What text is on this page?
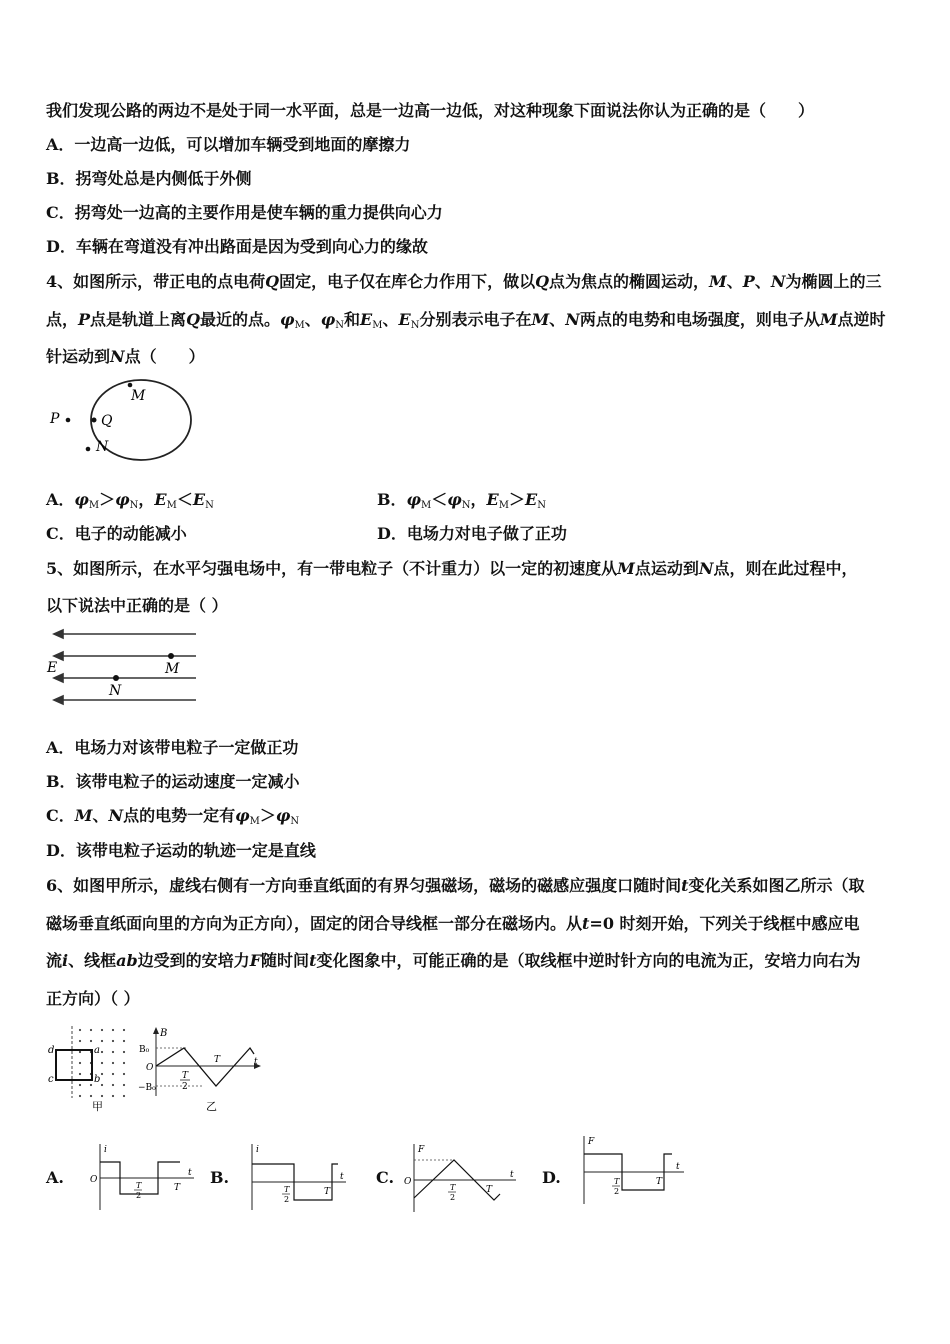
我们发现公路的两边不是处于同一水平面，总是一边高一边低，对这种现象下面说法你认为正确的是（　　）
A．一边高一边低，可以增加车辆受到地面的摩擦力
B．拐弯处总是内侧低于外侧
C．拐弯处一边高的主要作用是使车辆的重力提供向心力
D．车辆在弯道没有冲出路面是因为受到向心力的缘故
4、如图所示，带正电的点电荷Q固定，电子仅在库仑力作用下，做以Q点为焦点的椭圆运动，M、P、N为椭圆上的三
点，P点是轨道上离Q最近的点。$\varphi_M$、$\varphi_N$和$E_M$、$E_N$分别表示电子在M、N两点的电势和电场强度，则电子从M点逆时
针运动到N点（　　）
P	Q
M
N
A．$\varphi_M>\varphi_N$，$E_M<E_N$	B．$\varphi_M<\varphi_N$，$E_M>E_N$
C．电子的动能减小	D．电场力对电子做了正功
5、如图所示，在水平匀强电场中，有一带电粒子（不计重力）以一定的初速度从M点运动到N点，则在此过程中，
以下说法中正确的是（ ）
E	M
N
A．电场力对该带电粒子一定做正功
B．该带电粒子的运动速度一定减小
C．M、N点的电势一定有$\varphi_M>\varphi_N$
D．该带电粒子运动的轨迹一定是直线
6、如图甲所示，虚线右侧有一方向垂直纸面的有界匀强磁场，磁场的磁感应强度口随时间t变化关系如图乙所示（取
磁场垂直纸面向里的方向为正方向），固定的闭合导线框一部分在磁场内。从t=0 时刻开始，下列关于线框中感应电
流i、线框ab边受到的安培力F随时间t变化图象中，可能正确的是（取线框中逆时针方向的电流为正，安培力向右为
正方向）（ ）
d
c
a
b
甲
B
B₀
−B₀
O
t
T
T
2
乙
A.
i
O
t
T
T
2
B.
i
t
T
T
2
C.
F
O
t
T
T
2
D.
F
t
T
T
2
